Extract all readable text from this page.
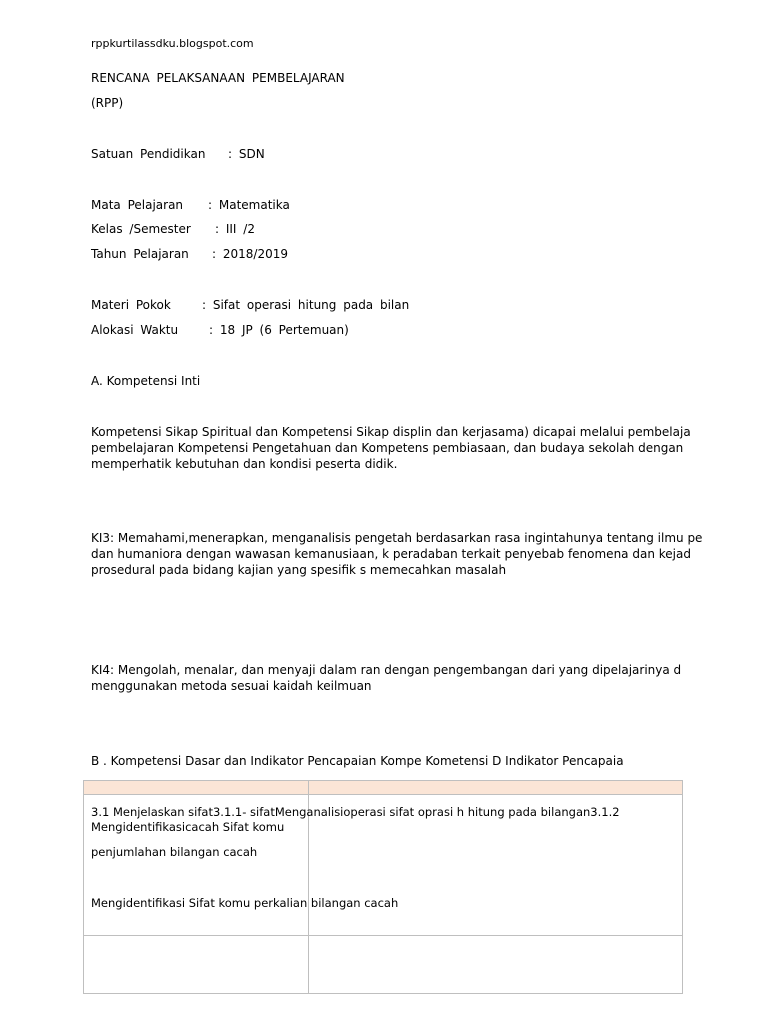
rppkurtilassdku.blogspot.com
RENCANA PELAKSANAAN PEMBELAJARAN
(RPP)
Satuan Pendidikan : SDN
Mata Pelajaran : Matematika
Kelas /Semester : III /2
Tahun Pelajaran : 2018/2019
Materi Pokok	: Sifat operasi hitung pada bilan
Alokasi Waktu	: 18 JP (6 Pertemuan)
A. Kompetensi Inti
Kompetensi Sikap Spiritual dan Kompetensi Sikap displin dan kerjasama) dicapai melalui pembelaja
pembelajaran Kompetensi Pengetahuan dan Kompetens pembiasaan, dan budaya sekolah dengan
memperhatik kebutuhan dan kondisi peserta didik.
KI3: Memahami,menerapkan, menganalisis pengetah berdasarkan rasa ingintahunya tentang ilmu pe
dan humaniora dengan wawasan kemanusiaan, k peradaban terkait penyebab fenomena dan kejad
prosedural pada bidang kajian yang spesifik s memecahkan masalah
KI4: Mengolah, menalar, dan menyaji dalam ran dengan pengembangan dari yang dipelajarinya d
menggunakan metoda sesuai kaidah keilmuan
B . Kompetensi Dasar dan Indikator Pencapaian Kompe Kometensi D Indikator Pencapaia
3.1 Menjelaskan sifat3.1.1- sifatMenganalisioperasi sifat oprasi h hitung pada bilangan3.1.2
Mengidentifikasicacah Sifat komu
penjumlahan bilangan cacah
Mengidentifikasi Sifat komu perkalian bilangan cacah
